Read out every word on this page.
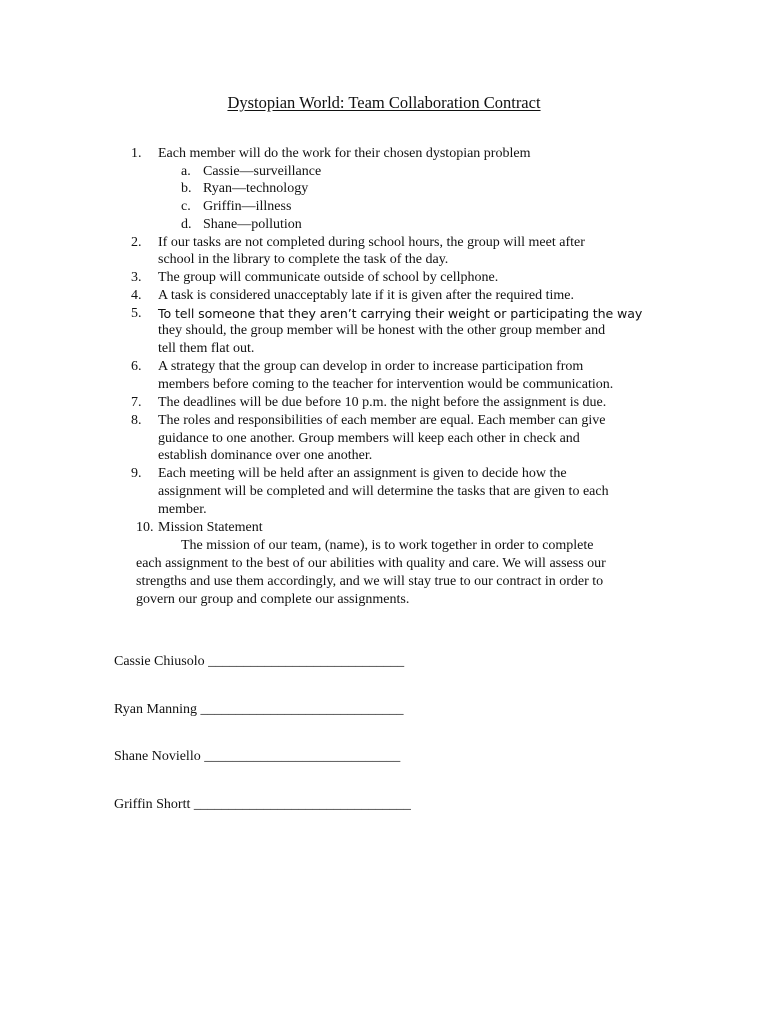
Dystopian World: Team Collaboration Contract
1. Each member will do the work for their chosen dystopian problem
a. Cassie—surveillance
b. Ryan—technology
c. Griffin—illness
d. Shane—pollution
2. If our tasks are not completed during school hours, the group will meet after
school in the library to complete the task of the day.
3. The group will communicate outside of school by cellphone.
4. A task is considered unacceptably late if it is given after the required time.
5. To tell someone that they aren’t carrying their weight or participating the way
they should, the group member will be honest with the other group member and
tell them flat out.
6. A strategy that the group can develop in order to increase participation from
members before coming to the teacher for intervention would be communication.
7. The deadlines will be due before 10 p.m. the night before the assignment is due.
8. The roles and responsibilities of each member are equal. Each member can give
guidance to one another. Group members will keep each other in check and
establish dominance over one another.
9. Each meeting will be held after an assignment is given to decide how the
assignment will be completed and will determine the tasks that are given to each
member.
10. Mission Statement
The mission of our team, (name), is to work together in order to complete
each assignment to the best of our abilities with quality and care. We will assess our
strengths and use them accordingly, and we will stay true to our contract in order to
govern our group and complete our assignments.
Cassie Chiusolo ____________________________
Ryan Manning _____________________________
Shane Noviello ____________________________
Griffin Shortt _______________________________
